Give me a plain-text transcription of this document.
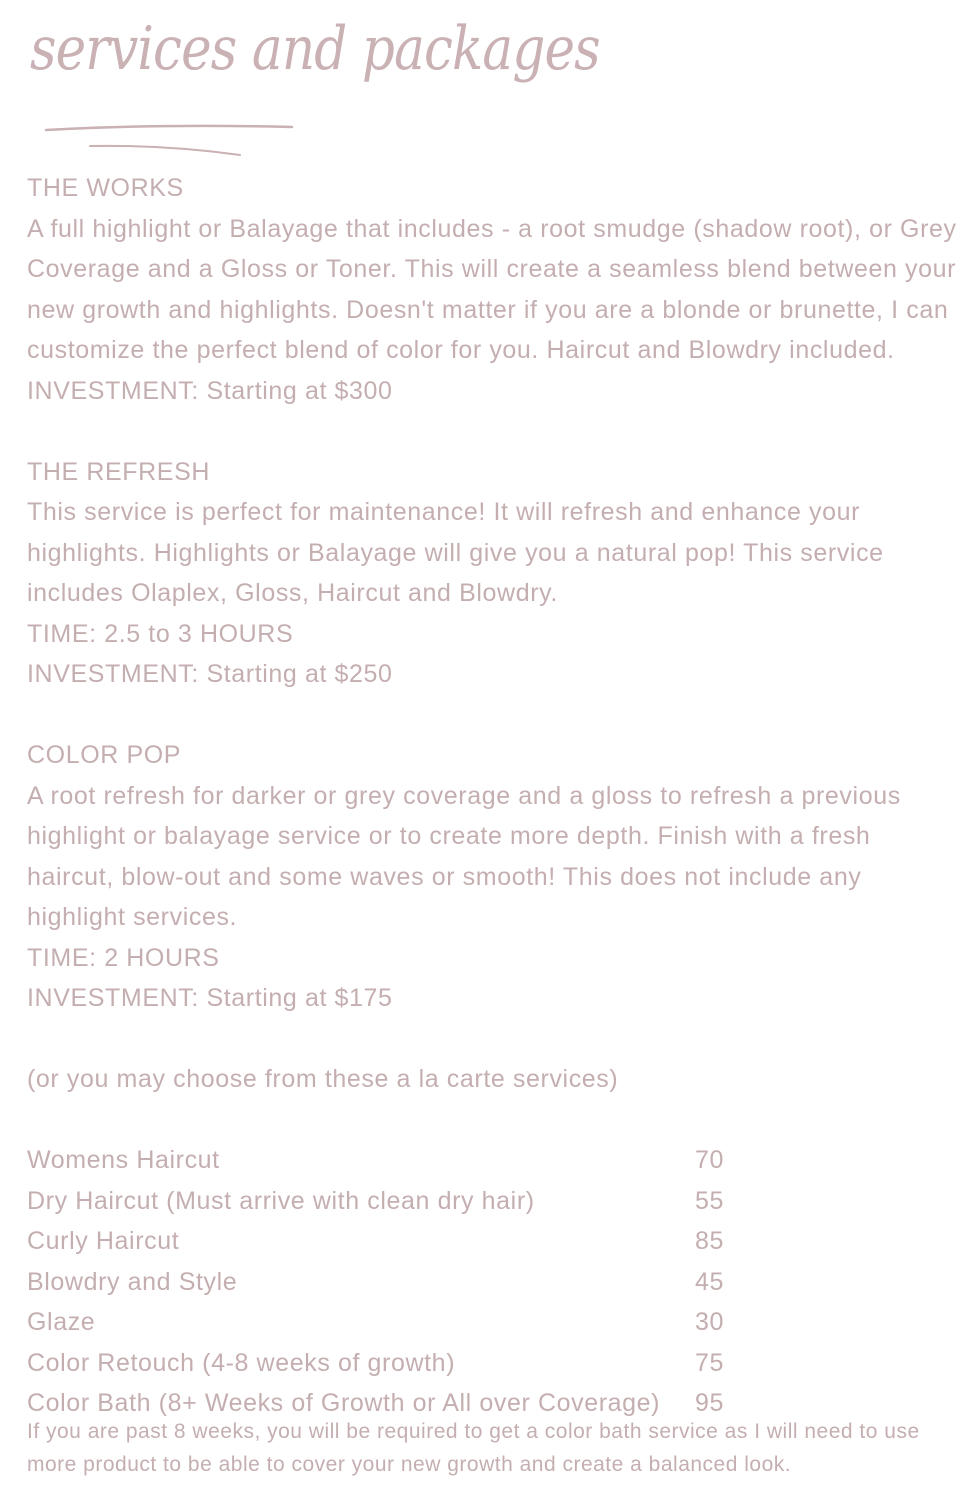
services and packages
THE WORKS
A full highlight or Balayage that includes - a root smudge (shadow root), or Grey Coverage and a Gloss or Toner. This will create a seamless blend between your new growth and highlights. Doesn't matter if you are a blonde or brunette, I can customize the perfect blend of color for you. Haircut and Blowdry included.
INVESTMENT: Starting at $300
THE REFRESH
This service is perfect for maintenance! It will refresh and enhance your highlights. Highlights or Balayage will give you a natural pop! This service includes Olaplex, Gloss, Haircut and Blowdry.
TIME: 2.5 to 3 HOURS
INVESTMENT: Starting at $250
COLOR POP
A root refresh for darker or grey coverage and a gloss to refresh a previous highlight or balayage service or to create more depth. Finish with a fresh haircut, blow-out and some waves or smooth! This does not include any highlight services.
TIME: 2 HOURS
INVESTMENT: Starting at $175
(or you may choose from these a la carte services)
Womens Haircut	70
Dry Haircut (Must arrive with clean dry hair)	55
Curly Haircut	85
Blowdry and Style	45
Glaze	30
Color Retouch (4-8 weeks of growth)	75
Color Bath (8+ Weeks of Growth or All over Coverage) 95
If you are past 8 weeks, you will be required to get a color bath service as I will need to use more product to be able to cover your new growth and create a balanced look.
